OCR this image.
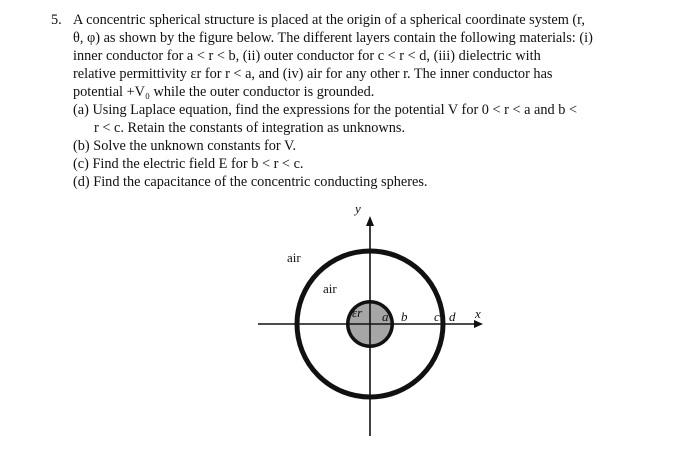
5. A concentric spherical structure is placed at the origin of a spherical coordinate system (r,
θ, φ) as shown by the figure below. The different layers contain the following materials: (i)
inner conductor for a < r < b, (ii) outer conductor for c < r < d, (iii) dielectric with
relative permittivity εr for r < a, and (iv) air for any other r. The inner conductor has
potential +V₀ while the outer conductor is grounded.
(a) Using Laplace equation, find the expressions for the potential V for 0 < r < a and b <
r < c. Retain the constants of integration as unknowns.
(b) Solve the unknown constants for V.
(c) Find the electric field E for b < r < c.
(d) Find the capacitance of the concentric conducting spheres.
y
x
air
air
εr a b c d
